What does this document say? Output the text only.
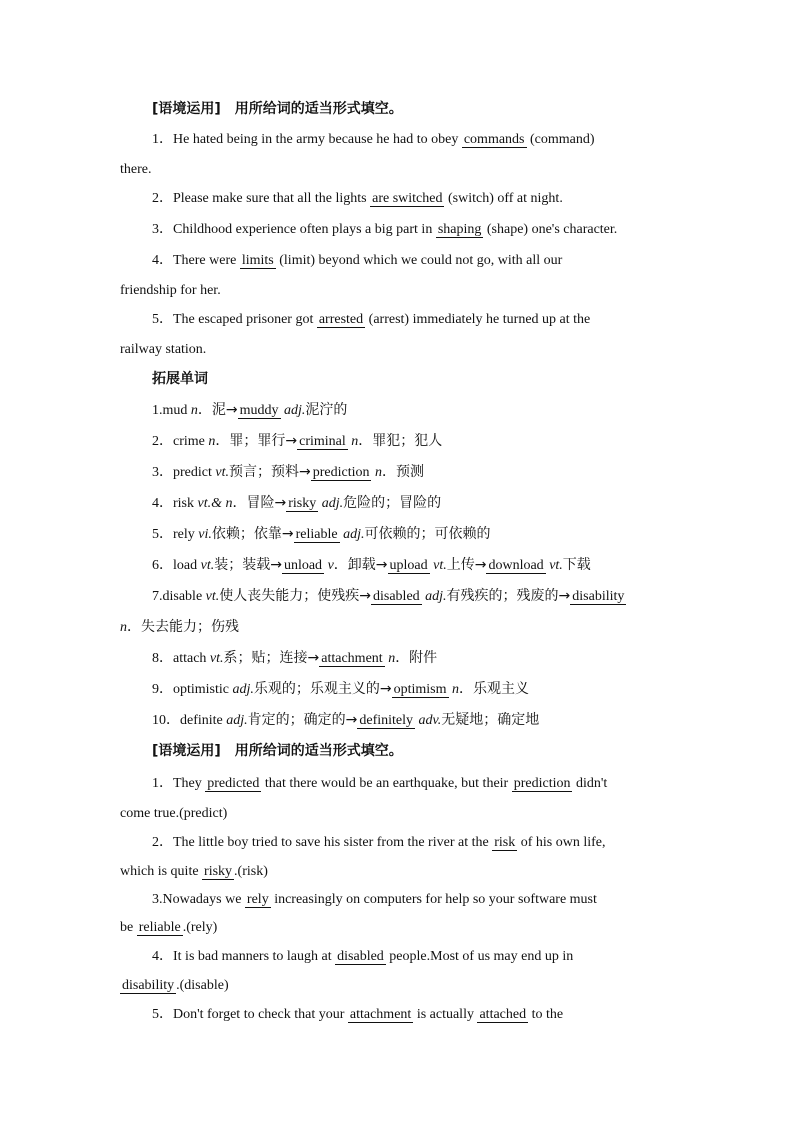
[语境运用]　用所给词的适当形式填空。
1．He hated being in the army because he had to obey commands (command)
there.
2．Please make sure that all the lights are switched (switch) off at night.
3．Childhood experience often plays a big part in shaping (shape) one's character.
4．There were limits (limit) beyond which we could not go, with all our
friendship for her.
5．The escaped prisoner got arrested (arrest) immediately he turned up at the
railway station.
拓展单词
1.mud n．泥→ muddy adj.泥泞的
2．crime n．罪；罪行→ criminal n．罪犯；犯人
3．predict vt.预言；预料→ prediction n．预测
4．risk vt.& n．冒险→ risky adj.危险的；冒险的
5．rely vi.依赖；依靠→ reliable adj.可依赖的；可依赖的
6．load vt.装；装载→ unload v．卸载→ upload vt.上传→ download vt.下载
7.disable vt.使人丧失能力；使残疾→ disabled adj.有残疾的；残废的→ disability
n．失去能力；伤残
8．attach vt.系；贴；连接→ attachment n．附件
9．optimistic adj.乐观的；乐观主义的→ optimism n．乐观主义
10．definite adj.肯定的；确定的→ definitely adv.无疑地；确定地
[语境运用]　用所给词的适当形式填空。
1．They predicted that there would be an earthquake, but their prediction didn't
come true.(predict)
2．The little boy tried to save his sister from the river at the risk of his own life,
which is quite risky .(risk)
3.Nowadays we rely increasingly on computers for help so your software must
be reliable .(rely)
4．It is bad manners to laugh at disabled people.Most of us may end up in
disability .(disable)
5．Don't forget to check that your attachment is actually attached to the
